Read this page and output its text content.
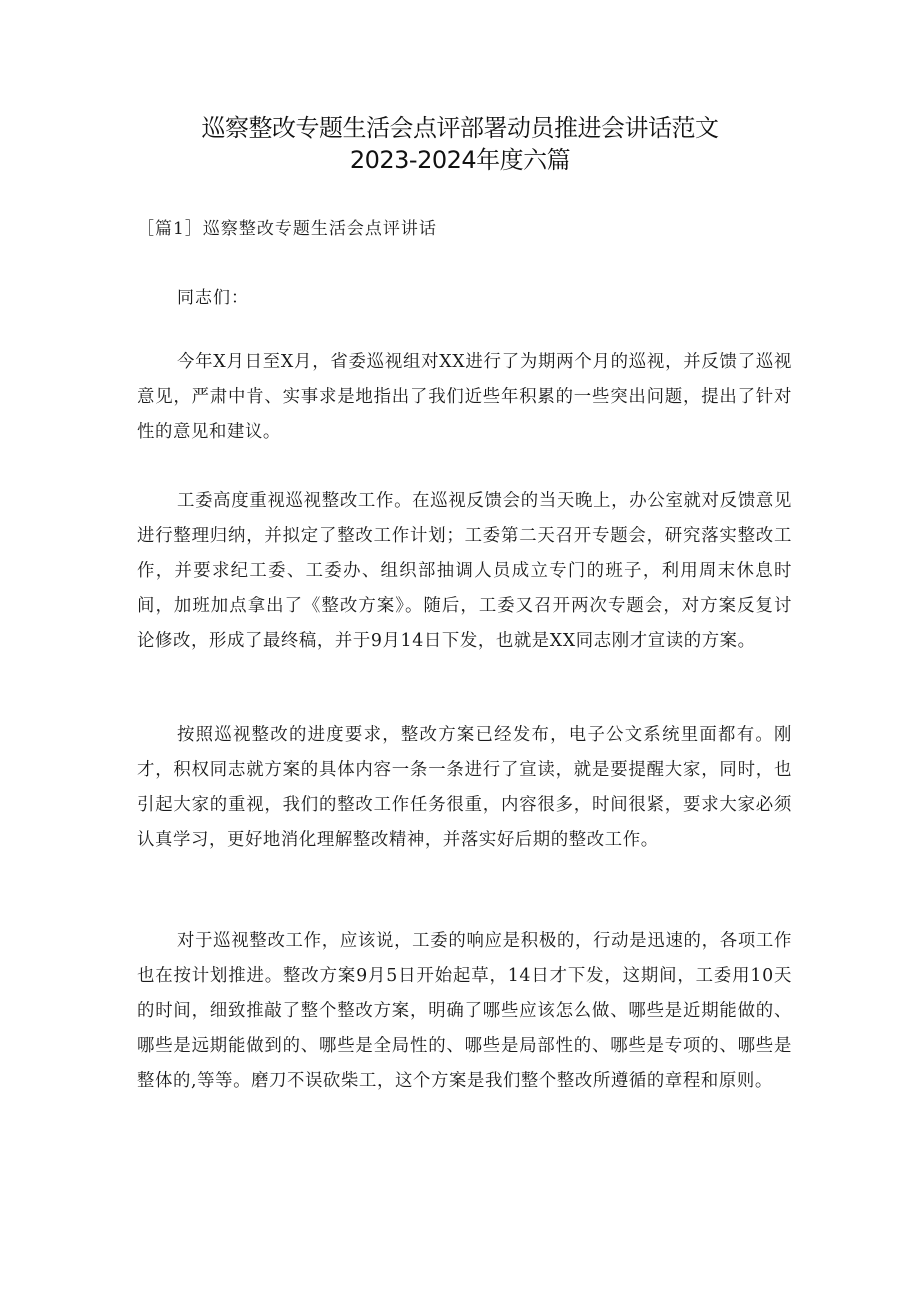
巡察整改专题生活会点评部署动员推进会讲话范文
2023-2024年度六篇
［篇1］巡察整改专题生活会点评讲话
同志们：

今年X月日至X月，省委巡视组对XX进行了为期两个月的巡视，并反馈了巡视意见，严肃中肯、实事求是地指出了我们近些年积累的一些突出问题，提出了针对性的意见和建议。

工委高度重视巡视整改工作。在巡视反馈会的当天晚上，办公室就对反馈意见进行整理归纳，并拟定了整改工作计划；工委第二天召开专题会，研究落实整改工作，并要求纪工委、工委办、组织部抽调人员成立专门的班子，利用周末休息时间，加班加点拿出了《整改方案》。随后，工委又召开两次专题会，对方案反复讨论修改，形成了最终稿，并于9月14日下发，也就是XX同志刚才宣读的方案。

按照巡视整改的进度要求，整改方案已经发布，电子公文系统里面都有。刚才，积权同志就方案的具体内容一条一条进行了宣读，就是要提醒大家，同时，也引起大家的重视，我们的整改工作任务很重，内容很多，时间很紧，要求大家必须认真学习，更好地消化理解整改精神，并落实好后期的整改工作。

对于巡视整改工作，应该说，工委的响应是积极的，行动是迅速的，各项工作也在按计划推进。整改方案9月5日开始起草，14日才下发，这期间，工委用10天的时间，细致推敲了整个整改方案，明确了哪些应该怎么做、哪些是近期能做的、哪些是远期能做到的、哪些是全局性的、哪些是局部性的、哪些是专项的、哪些是整体的,等等。磨刀不误砍柴工，这个方案是我们整个整改所遵循的章程和原则。
